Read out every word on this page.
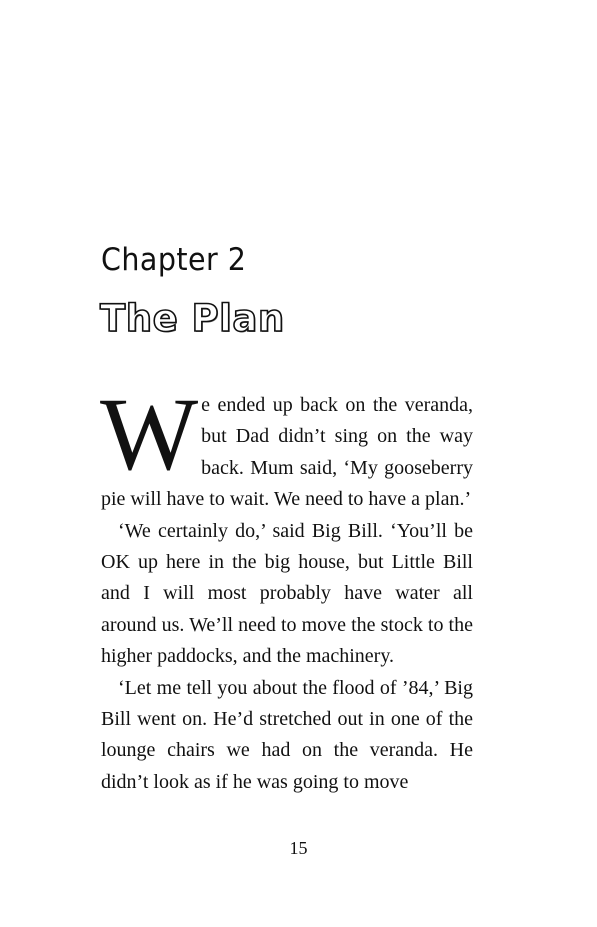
Chapter 2
The Plan

We ended up back on the veranda, but Dad didn’t sing on the way back. Mum said, ‘My gooseberry pie will have to wait. We need to have a plan.’

‘We certainly do,’ said Big Bill. ‘You’ll be OK up here in the big house, but Little Bill and I will most probably have water all around us. We’ll need to move the stock to the higher paddocks, and the machinery.

‘Let me tell you about the flood of ’84,’ Big Bill went on. He’d stretched out in one of the lounge chairs we had on the veranda. He didn’t look as if he was going to move

15
